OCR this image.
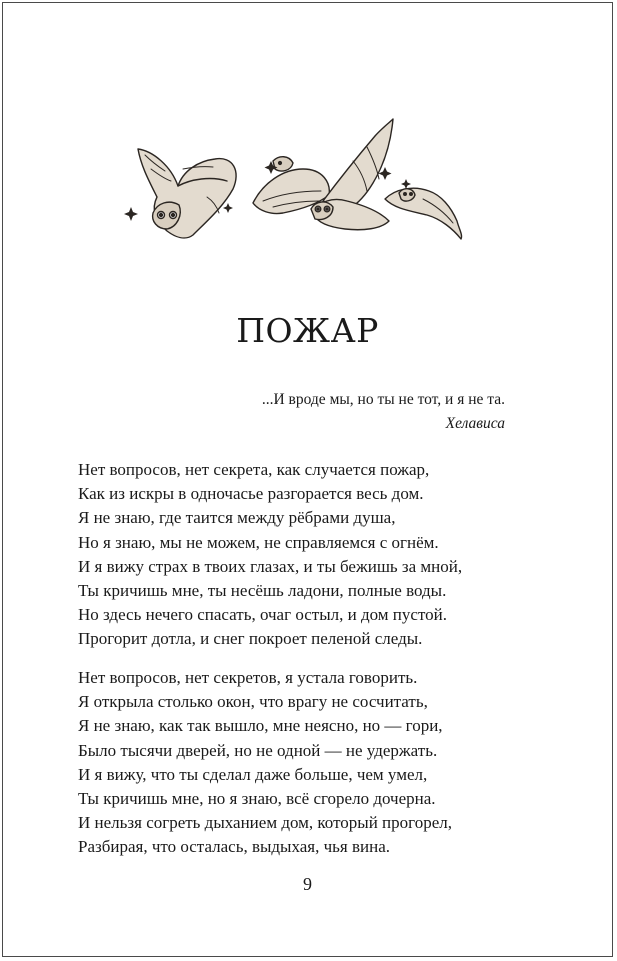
ПОЖАР
...И вроде мы, но ты не тот, и я не та.
Хелависа
Нет вопросов, нет секрета, как случается пожар,
Как из искры в одночасье разгорается весь дом.
Я не знаю, где таится между рёбрами душа,
Но я знаю, мы не можем, не справляемся с огнём.
И я вижу страх в твоих глазах, и ты бежишь за мной,
Ты кричишь мне, ты несёшь ладони, полные воды.
Но здесь нечего спасать, очаг остыл, и дом пустой.
Прогорит дотла, и снег покроет пеленой следы.
Нет вопросов, нет секретов, я устала говорить.
Я открыла столько окон, что врагу не сосчитать,
Я не знаю, как так вышло, мне неясно, но — гори,
Было тысячи дверей, но не одной — не удержать.
И я вижу, что ты сделал даже больше, чем умел,
Ты кричишь мне, но я знаю, всё сгорело дочерна.
И нельзя согреть дыханием дом, который прогорел,
Разбирая, что осталась, выдыхая, чья вина.
9
